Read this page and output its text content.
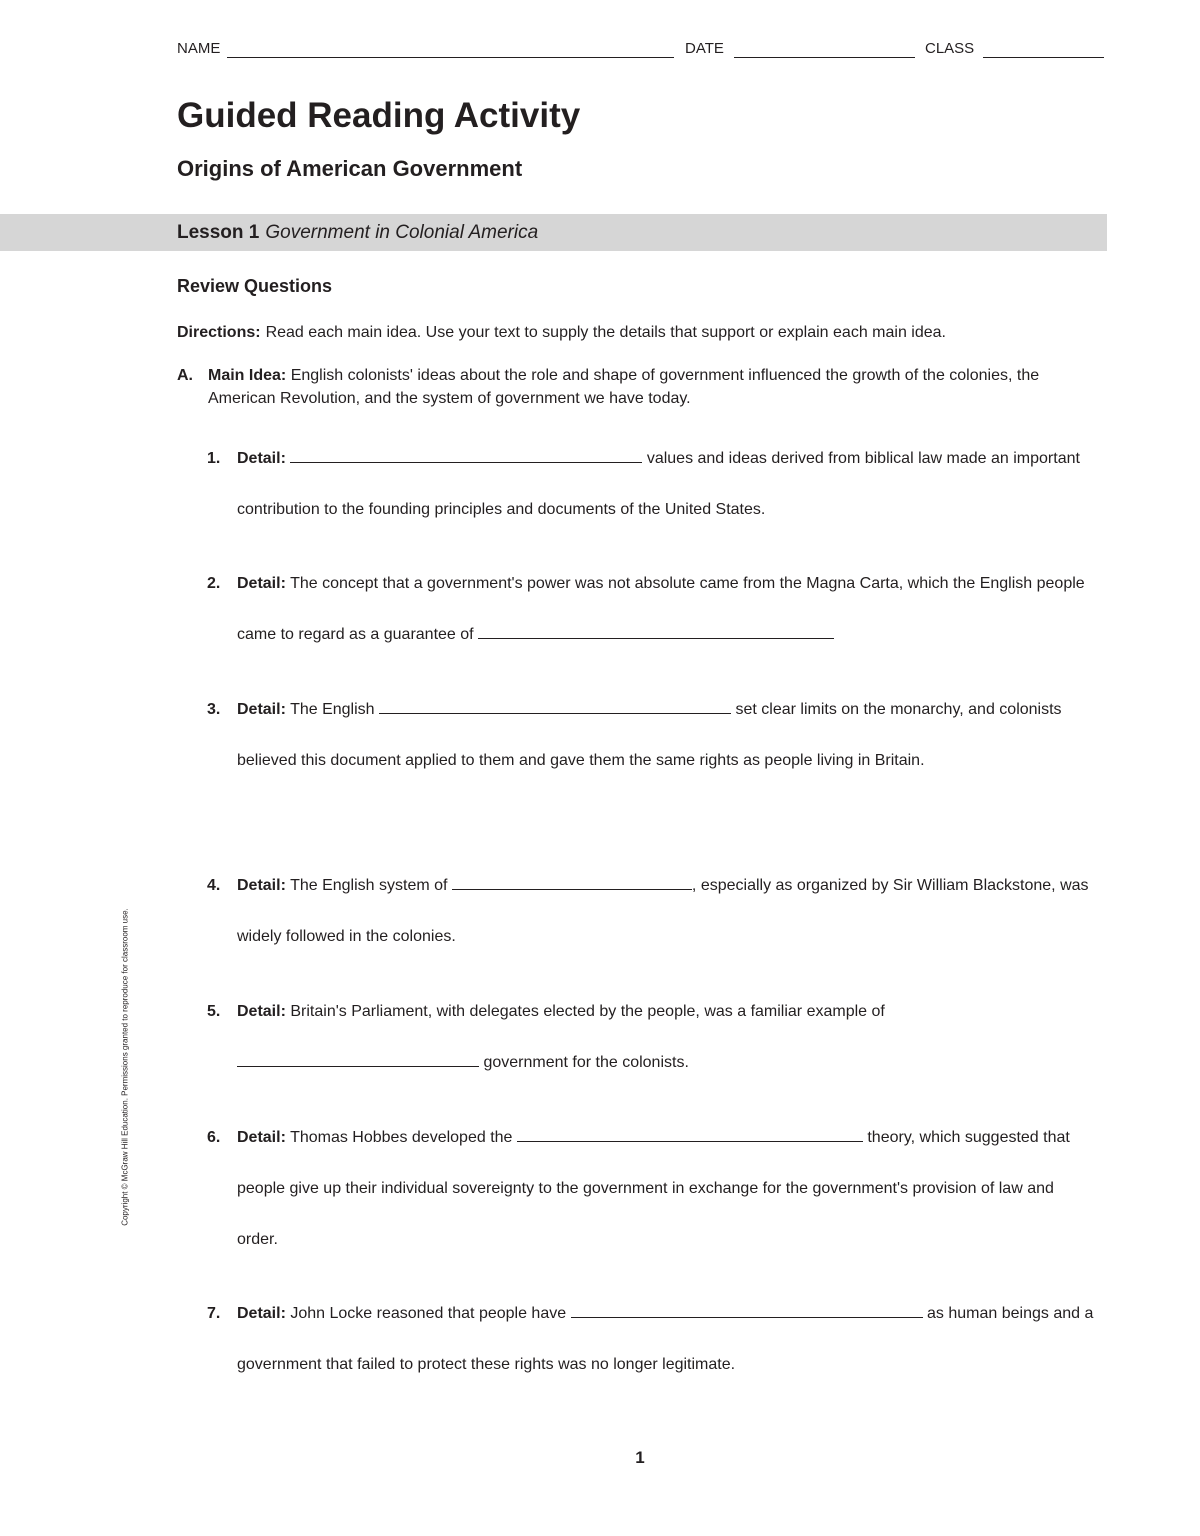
NAME	DATE	CLASS
Guided Reading Activity
Origins of American Government
Lesson 1 Government in Colonial America
Review Questions
Directions: Read each main idea. Use your text to supply the details that support or explain each main idea.
A. Main Idea: English colonists' ideas about the role and shape of government influenced the growth of the colonies, the American Revolution, and the system of government we have today.
1. Detail:	values and ideas derived from biblical law made an important contribution to the founding principles and documents of the United States.
2. Detail: The concept that a government's power was not absolute came from the Magna Carta, which the English people came to regard as a guarantee of
3. Detail: The English	set clear limits on the monarchy, and colonists believed this document applied to them and gave them the same rights as people living in Britain.
4. Detail: The English system of	, especially as organized by Sir William Blackstone, was widely followed in the colonies.
5. Detail: Britain's Parliament, with delegates elected by the people, was a familiar example of  government for the colonists.
6. Detail: Thomas Hobbes developed the	theory, which suggested that people give up their individual sovereignty to the government in exchange for the government's provision of law and order.
7. Detail: John Locke reasoned that people have	as human beings and a government that failed to protect these rights was no longer legitimate.
Copyright © McGraw Hill Education. Permissions granted to reproduce for classroom use.
1
